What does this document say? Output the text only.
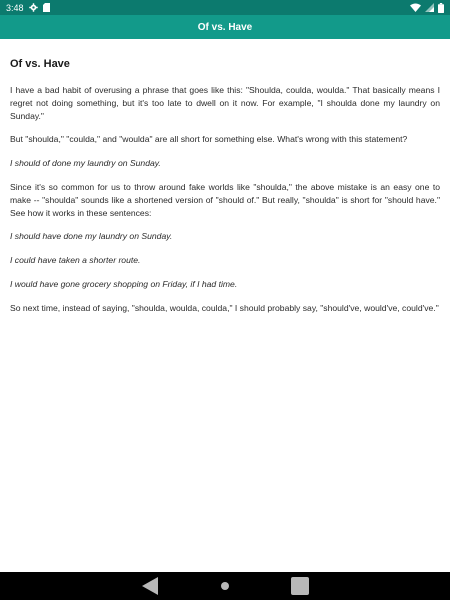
3:48
Of vs. Have
Of vs. Have

I have a bad habit of overusing a phrase that goes like this: "Shoulda, coulda, woulda." That basically means I regret not doing something, but it's too late to dwell on it now. For example, "I shoulda done my laundry on Sunday."

But "shoulda," "coulda," and "woulda" are all short for something else. What's wrong with this statement?

I should of done my laundry on Sunday.

Since it's so common for us to throw around fake worlds like "shoulda," the above mistake is an easy one to make -- "shoulda" sounds like a shortened version of "should of." But really, "shoulda" is short for "should have." See how it works in these sentences:

I should have done my laundry on Sunday.

I could have taken a shorter route.

I would have gone grocery shopping on Friday, if I had time.

So next time, instead of saying, "shoulda, woulda, coulda," I should probably say, "should've, would've, could've."
